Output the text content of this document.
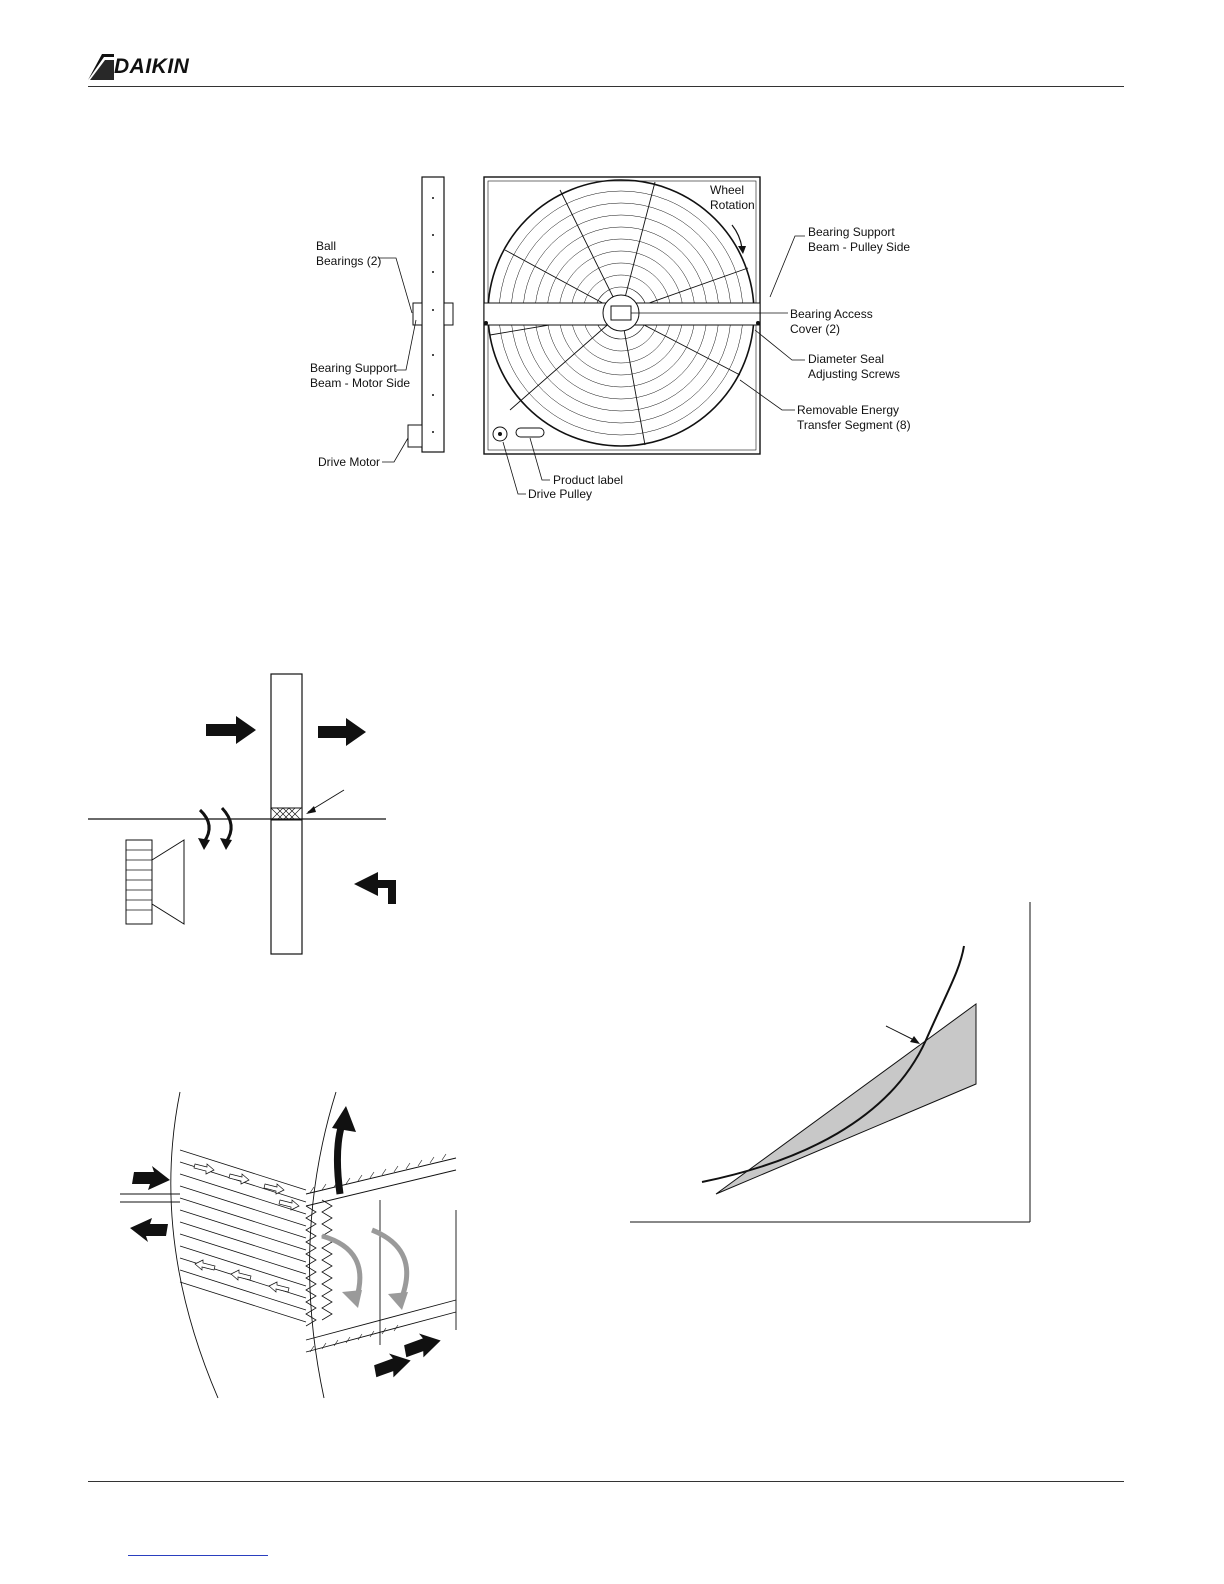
DAIKIN
Ball
Bearings (2)
Bearing Support
Beam - Motor Side
Drive Motor
Wheel
Rotation
Bearing Support
Beam - Pulley Side
Bearing Access
Cover (2)
Diameter Seal
Adjusting Screws
Removable Energy
Transfer Segment (8)
Product label
Drive Pulley
